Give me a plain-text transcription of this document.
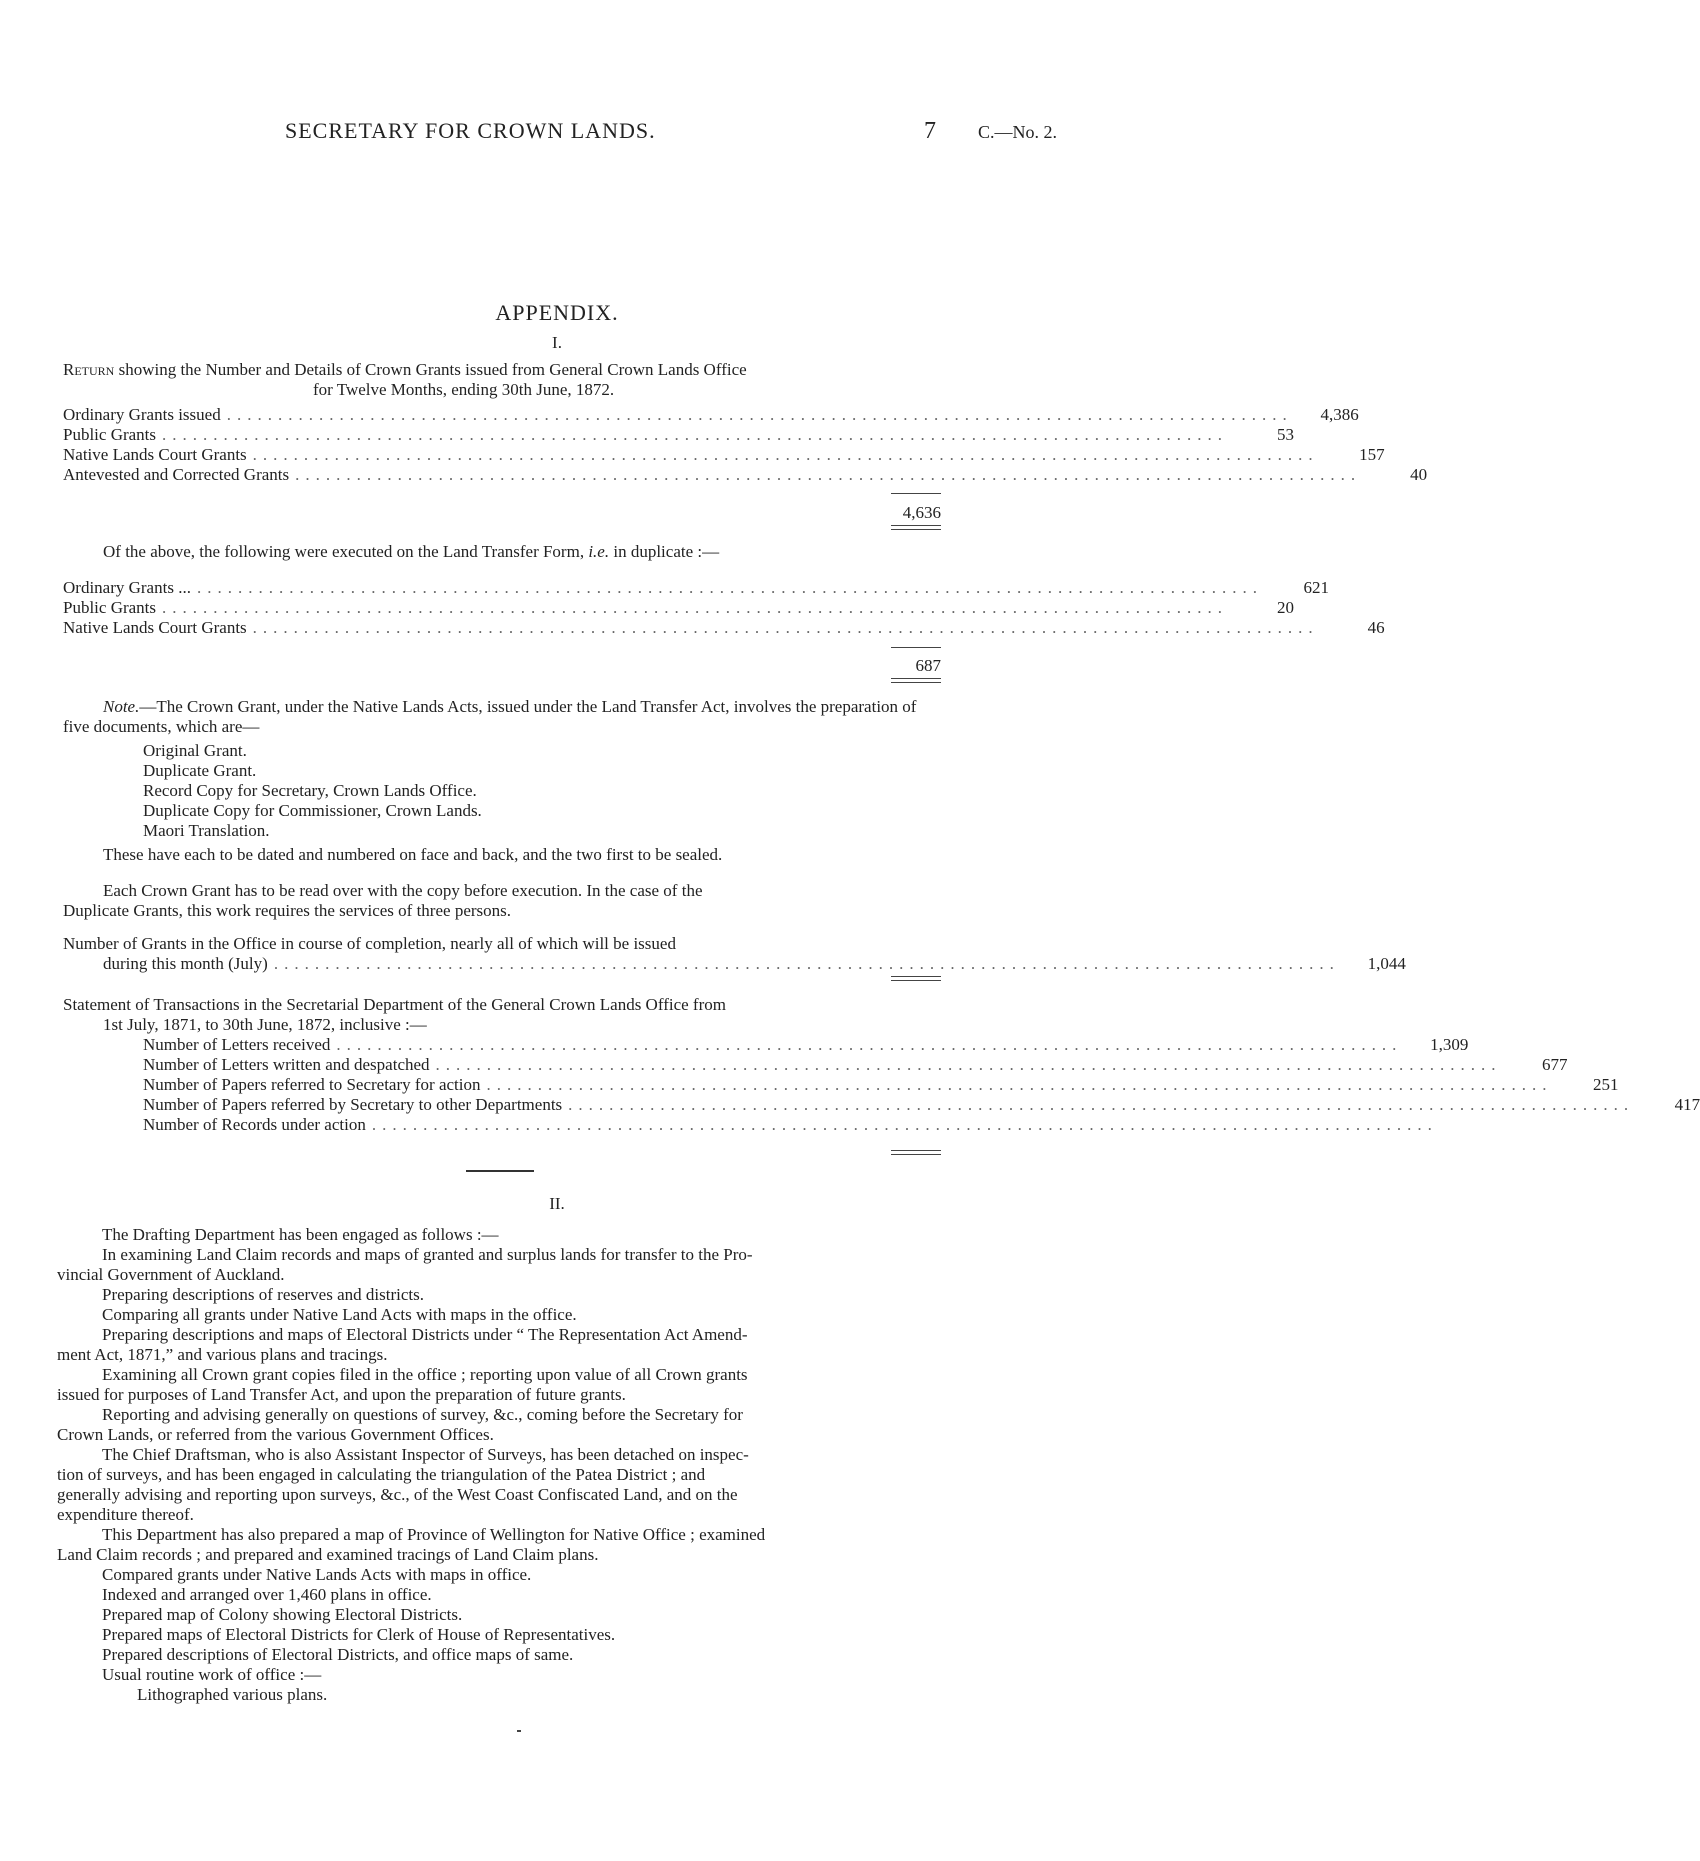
SECRETARY FOR CROWN LANDS.	7 C.—No. 2.
APPENDIX.
I.
Return showing the Number and Details of Crown Grants issued from General Crown Lands Office
for Twelve Months, ending 30th June, 1872.
Ordinary Grants issued ........................................................................................................	4,386
Public Grants ........................................................................................................	53
Native Lands Court Grants ........................................................................................................	157
Antevested and Corrected Grants ........................................................................................................	40
4,636
Of the above, the following were executed on the Land Transfer Form, i.e. in duplicate :—
Ordinary Grants ... ........................................................................................................	621
Public Grants ........................................................................................................	20
Native Lands Court Grants ........................................................................................................	46
687
Note.—The Crown Grant, under the Native Lands Acts, issued under the Land Transfer Act, involves the preparation of five documents, which are—
Original Grant.
Duplicate Grant.
Record Copy for Secretary, Crown Lands Office.
Duplicate Copy for Commissioner, Crown Lands.
Maori Translation.
These have each to be dated and numbered on face and back, and the two first to be sealed.
Each Crown Grant has to be read over with the copy before execution. In the case of the
Duplicate Grants, this work requires the services of three persons.
Number of Grants in the Office in course of completion, nearly all of which will be issued
during this month (July) ........................................................................................................	1,044
Statement of Transactions in the Secretarial Department of the General Crown Lands Office from
1st July, 1871, to 30th June, 1872, inclusive :—
Number of Letters received ........................................................................................................	1,309
Number of Letters written and despatched ........................................................................................................	677
Number of Papers referred to Secretary for action ........................................................................................................	251
Number of Papers referred by Secretary to other Departments ........................................................................................................	417
Number of Records under action ........................................................................................................
II.
The Drafting Department has been engaged as follows :—
In examining Land Claim records and maps of granted and surplus lands for transfer to the Pro-
vincial Government of Auckland.
Preparing descriptions of reserves and districts.
Comparing all grants under Native Land Acts with maps in the office.
Preparing descriptions and maps of Electoral Districts under “ The Representation Act Amend-
ment Act, 1871,” and various plans and tracings.
Examining all Crown grant copies filed in the office ; reporting upon value of all Crown grants
issued for purposes of Land Transfer Act, and upon the preparation of future grants.
Reporting and advising generally on questions of survey, &c., coming before the Secretary for
Crown Lands, or referred from the various Government Offices.
The Chief Draftsman, who is also Assistant Inspector of Surveys, has been detached on inspec-
tion of surveys, and has been engaged in calculating the triangulation of the Patea District ; and
generally advising and reporting upon surveys, &c., of the West Coast Confiscated Land, and on the
expenditure thereof.
This Department has also prepared a map of Province of Wellington for Native Office ; examined
Land Claim records ; and prepared and examined tracings of Land Claim plans.
Compared grants under Native Lands Acts with maps in office.
Indexed and arranged over 1,460 plans in office.
Prepared map of Colony showing Electoral Districts.
Prepared maps of Electoral Districts for Clerk of House of Representatives.
Prepared descriptions of Electoral Districts, and office maps of same.
Usual routine work of office :—
Lithographed various plans.
